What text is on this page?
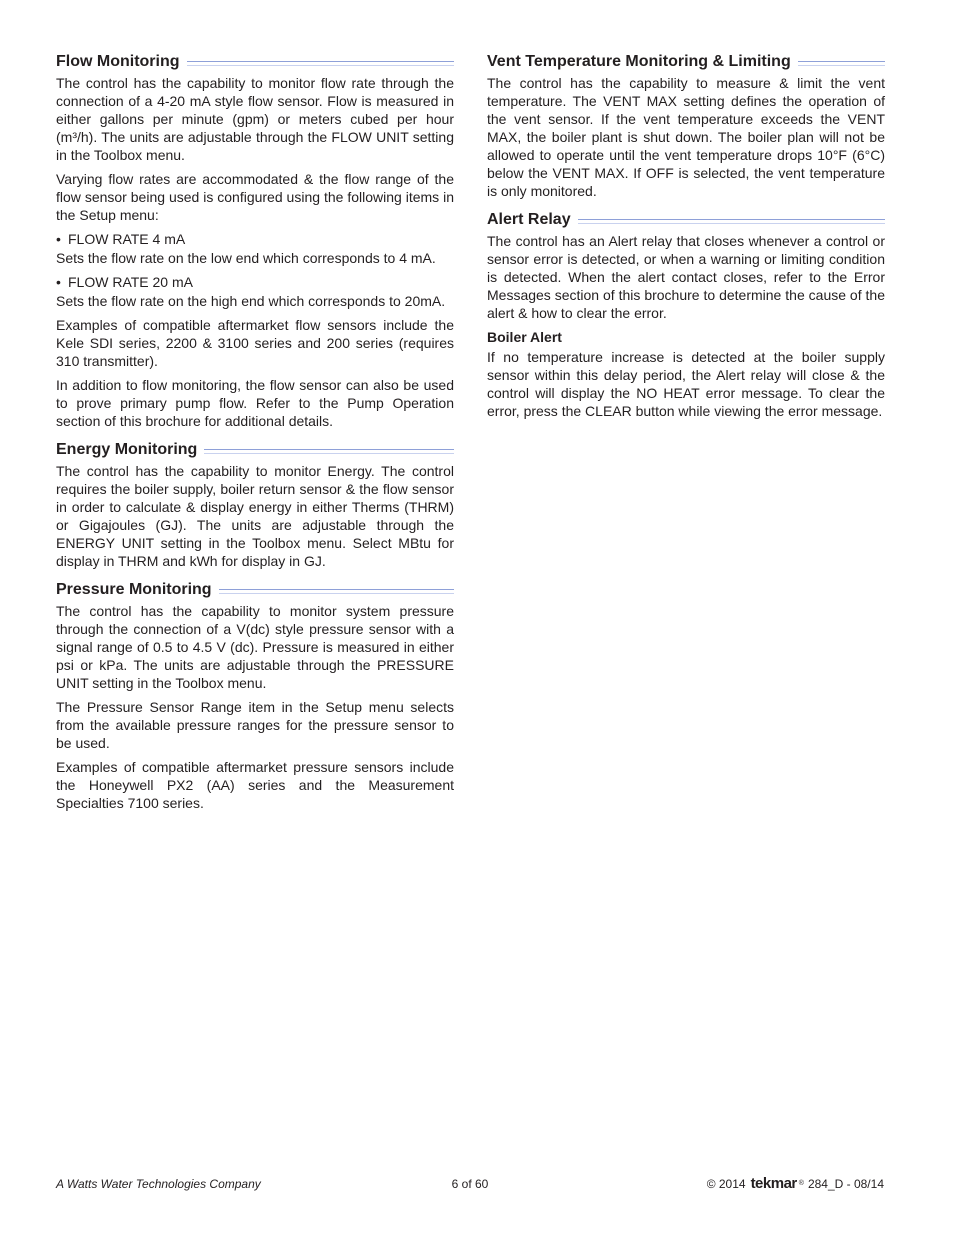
Flow Monitoring

The control has the capability to monitor flow rate through the connection of a 4-20 mA style flow sensor. Flow is measured in either gallons per minute (gpm) or meters cubed per hour (m³/h). The units are adjustable through the FLOW UNIT setting in the Toolbox menu.

Varying flow rates are accommodated & the flow range of the flow sensor being used is configured using the following items in the Setup menu:

• FLOW RATE 4 mA

Sets the flow rate on the low end which corresponds to 4 mA.

• FLOW RATE 20 mA

Sets the flow rate on the high end which corresponds to 20mA.

Examples of compatible aftermarket flow sensors include the Kele SDI series, 2200 & 3100 series and 200 series (requires 310 transmitter).

In addition to flow monitoring, the flow sensor can also be used to prove primary pump flow. Refer to the Pump Operation section of this brochure for additional details.

Energy Monitoring

The control has the capability to monitor Energy. The control requires the boiler supply, boiler return sensor & the flow sensor in order to calculate & display energy in either Therms (THRM) or Gigajoules (GJ). The units are adjustable through the ENERGY UNIT setting in the Toolbox menu. Select MBtu for display in THRM and kWh for display in GJ.

Pressure Monitoring

The control has the capability to monitor system pressure through the connection of a V(dc) style pressure sensor with a signal range of 0.5 to 4.5 V (dc). Pressure is measured in either psi or kPa. The units are adjustable through the PRESSURE UNIT setting in the Toolbox menu.

The Pressure Sensor Range item in the Setup menu selects from the available pressure ranges for the pressure sensor to be used.

Examples of compatible aftermarket pressure sensors include the Honeywell PX2 (AA) series and the Measurement Specialties 7100 series.

Vent Temperature Monitoring & Limiting

The control has the capability to measure & limit the vent temperature. The VENT MAX setting defines the operation of the vent sensor. If the vent temperature exceeds the VENT MAX, the boiler plant is shut down. The boiler plan will not be allowed to operate until the vent temperature drops 10°F (6°C) below the VENT MAX. If OFF is selected, the vent temperature is only monitored.

Alert Relay

The control has an Alert relay that closes whenever a control or sensor error is detected, or when a warning or limiting condition is detected. When the alert contact closes, refer to the Error Messages section of this brochure to determine the cause of the alert & how to clear the error.

Boiler Alert

If no temperature increase is detected at the boiler supply sensor within this delay period, the Alert relay will close & the control will display the NO HEAT error message. To clear the error, press the CLEAR button while viewing the error message.

A Watts Water Technologies Company	6 of 60	© 2014 tekmar ® 284_D - 08/14
